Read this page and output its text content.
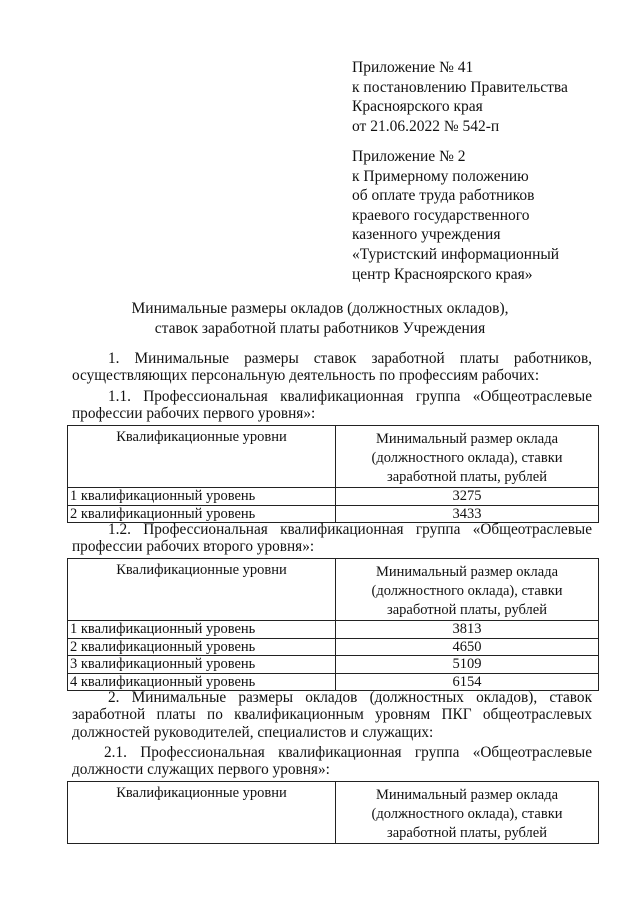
Приложение № 41
к постановлению Правительства
Красноярского края
от 21.06.2022 № 542-п
Приложение № 2
к Примерному положению
об оплате труда работников
краевого государственного
казенного учреждения
«Туристский информационный
центр Красноярского края»
Минимальные размеры окладов (должностных окладов),
ставок заработной платы работников Учреждения
1. Минимальные размеры ставок заработной платы работников,
осуществляющих персональную деятельность по профессиям рабочих:
1.1. Профессиональная квалификационная группа «Общеотраслевые
профессии рабочих первого уровня»:
Квалификационные уровни	Минимальный размер оклада
(должностного оклада), ставки
заработной платы, рублей

1 квалификационный уровень	3275
2 квалификационный уровень	3433
1.2. Профессиональная квалификационная группа «Общеотраслевые
профессии рабочих второго уровня»:
Квалификационные уровни	Минимальный размер оклада
(должностного оклада), ставки
заработной платы, рублей

1 квалификационный уровень	3813
2 квалификационный уровень	4650
3 квалификационный уровень	5109
4 квалификационный уровень	6154
2. Минимальные размеры окладов (должностных окладов), ставок
заработной платы по квалификационным уровням ПКГ общеотраслевых
должностей руководителей, специалистов и служащих:
2.1. Профессиональная квалификационная группа «Общеотраслевые
должности служащих первого уровня»:
Квалификационные уровни	Минимальный размер оклада
(должностного оклада), ставки
заработной платы, рублей
